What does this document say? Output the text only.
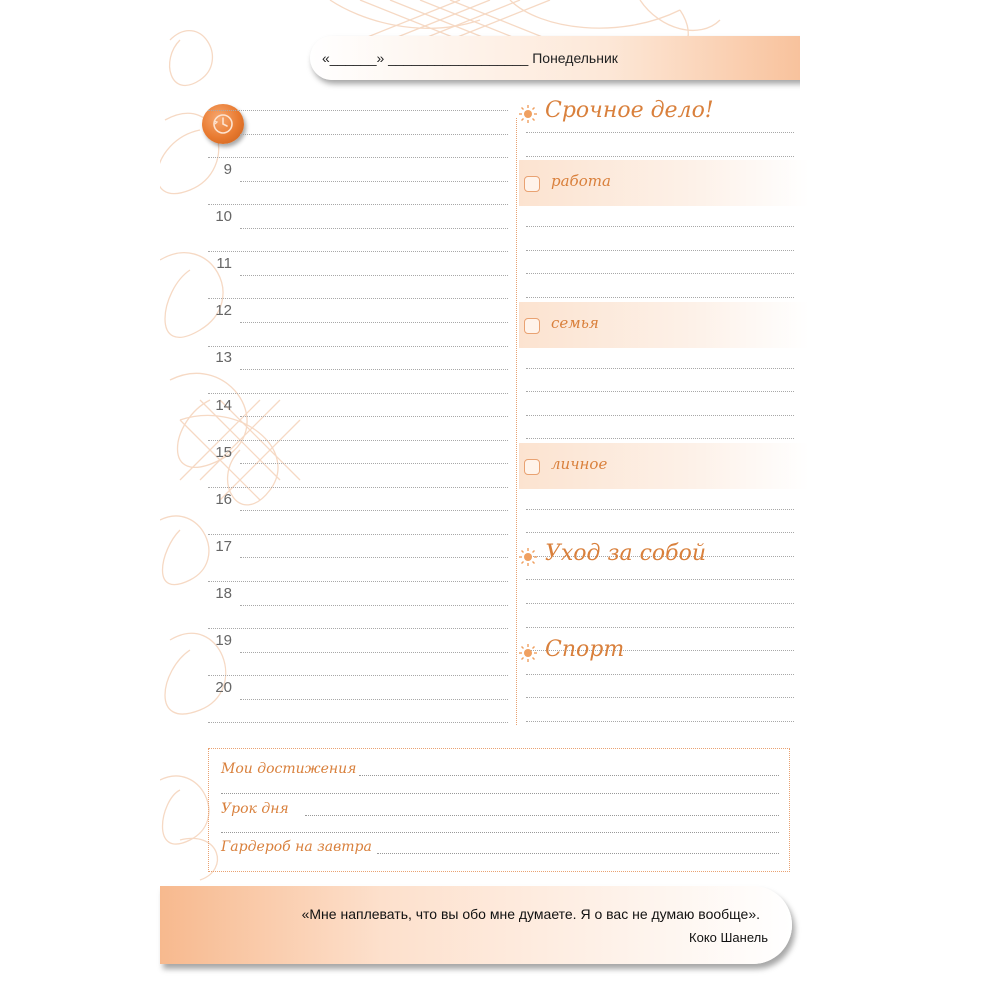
«______» __________________ Понедельник
9
10
11
12
13
14
15
16
17
18
19
20
Срочное дело!
работа
семья
личное
Уход за собой
Спорт
Мои достижения
Урок дня
Гардероб на завтра
«Мне наплевать, что вы обо мне думаете. Я о вас не думаю вообще».
Коко Шанель
